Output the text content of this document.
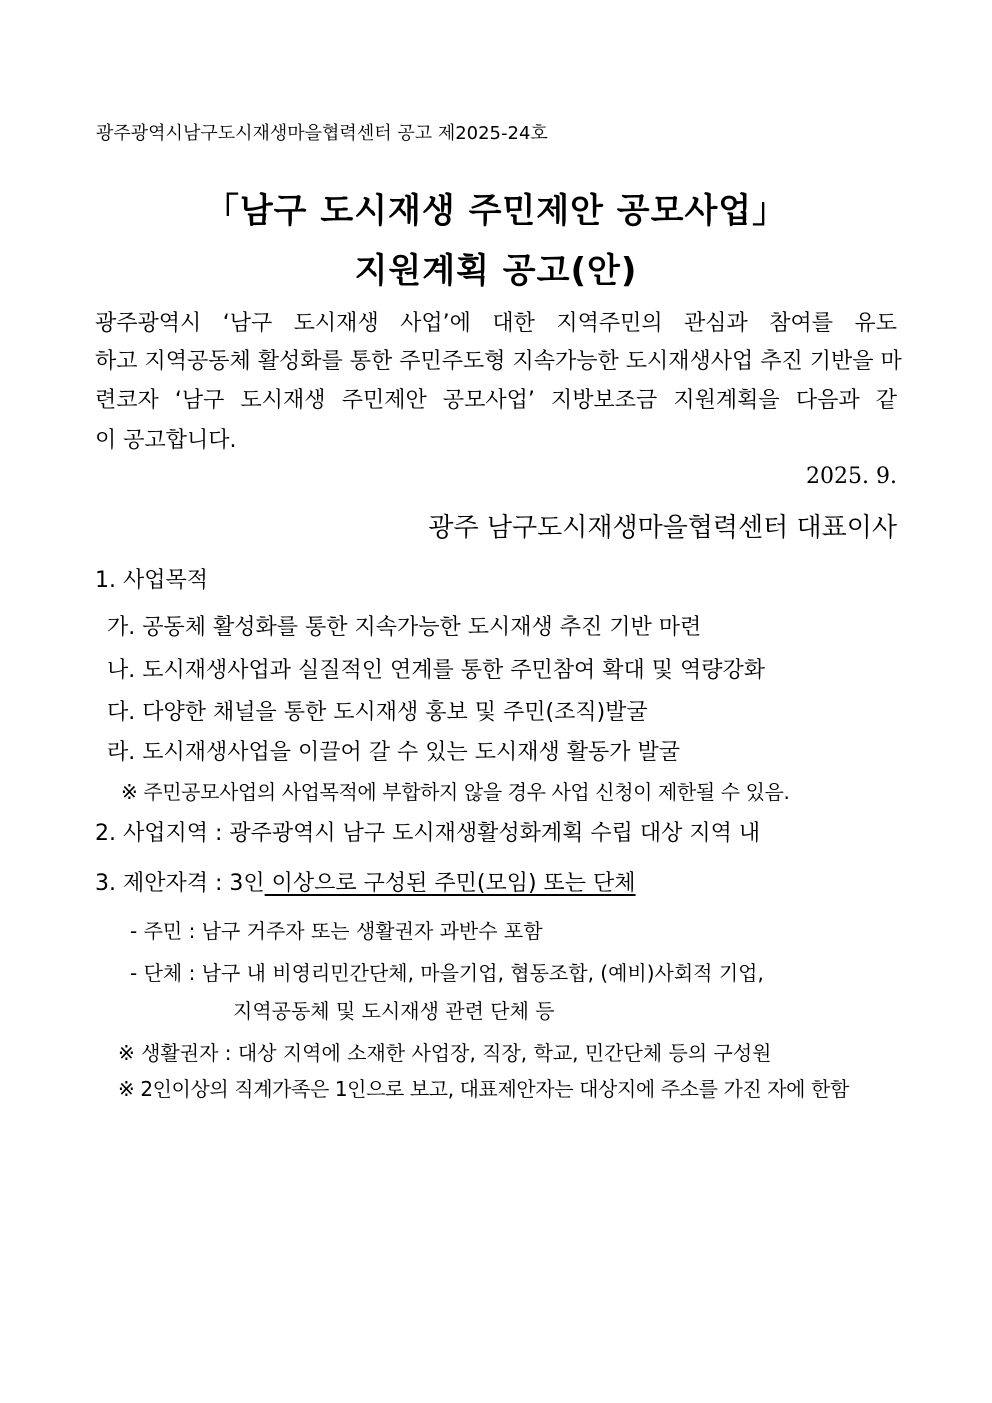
광주광역시남구도시재생마을협력센터 공고 제2025-24호
「남구 도시재생 주민제안 공모사업」
지원계획 공고(안)
광주광역시 ‘남구 도시재생 사업’에 대한 지역주민의 관심과 참여를 유도
하고 지역공동체 활성화를 통한 주민주도형 지속가능한 도시재생사업 추진 기반을 마
련코자 ‘남구 도시재생 주민제안 공모사업’ 지방보조금 지원계획을 다음과 같
이 공고합니다.
2025. 9.
광주 남구도시재생마을협력센터 대표이사
1. 사업목적
가. 공동체 활성화를 통한 지속가능한 도시재생 추진 기반 마련
나. 도시재생사업과 실질적인 연계를 통한 주민참여 확대 및 역량강화
다. 다양한 채널을 통한 도시재생 홍보 및 주민(조직)발굴
라. 도시재생사업을 이끌어 갈 수 있는 도시재생 활동가 발굴
※ 주민공모사업의 사업목적에 부합하지 않을 경우 사업 신청이 제한될 수 있음.
2. 사업지역 : 광주광역시 남구 도시재생활성화계획 수립 대상 지역 내
3. 제안자격 : 3인 이상으로 구성된 주민(모임) 또는 단체
- 주민 : 남구 거주자 또는 생활권자 과반수 포함
- 단체 : 남구 내 비영리민간단체, 마을기업, 협동조합, (예비)사회적 기업,
지역공동체 및 도시재생 관련 단체 등
※ 생활권자 : 대상 지역에 소재한 사업장, 직장, 학교, 민간단체 등의 구성원
※ 2인이상의 직계가족은 1인으로 보고, 대표제안자는 대상지에 주소를 가진 자에 한함
